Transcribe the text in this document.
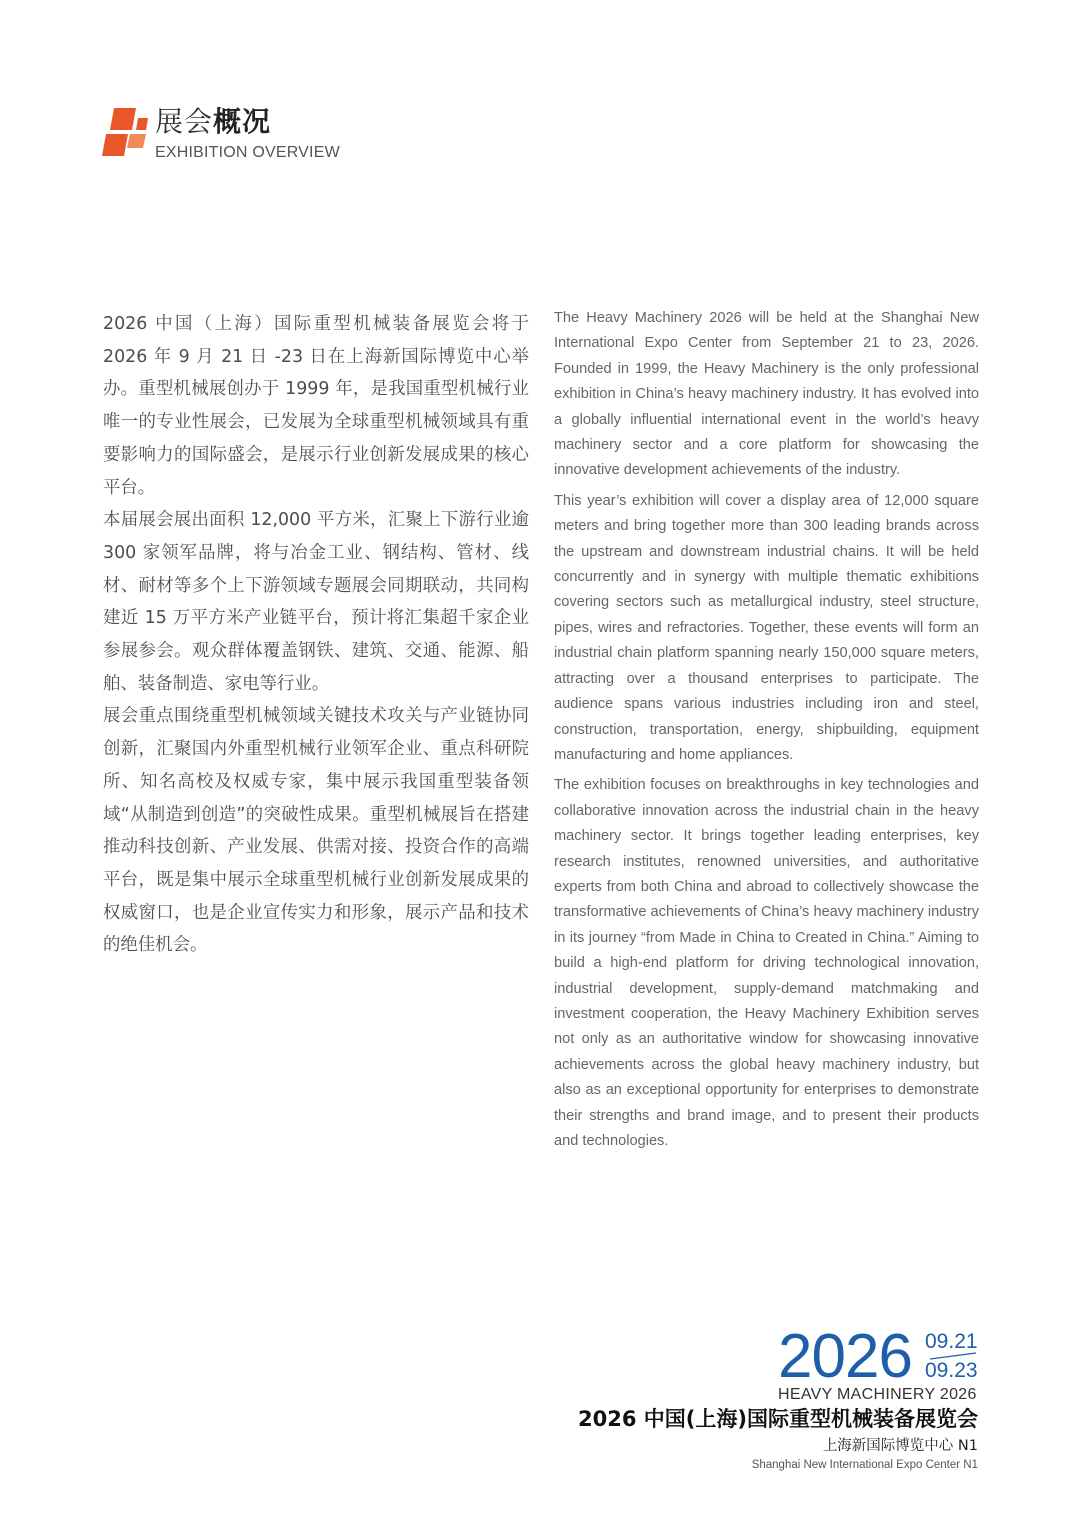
展会概况
EXHIBITION OVERVIEW

2026 中国（上海）国际重型机械装备展览会将于 2026 年 9 月 21 日 -23 日在上海新国际博览中心举办。重型机械展创办于 1999 年，是我国重型机械行业唯一的专业性展会，已发展为全球重型机械领域具有重要影响力的国际盛会，是展示行业创新发展成果的核心平台。

本届展会展出面积 12,000 平方米，汇聚上下游行业逾 300 家领军品牌，将与冶金工业、钢结构、管材、线材、耐材等多个上下游领域专题展会同期联动，共同构建近 15 万平方米产业链平台，预计将汇集超千家企业参展参会。观众群体覆盖钢铁、建筑、交通、能源、船舶、装备制造、家电等行业。

展会重点围绕重型机械领域关键技术攻关与产业链协同创新，汇聚国内外重型机械行业领军企业、重点科研院所、知名高校及权威专家，集中展示我国重型装备领域“从制造到创造”的突破性成果。重型机械展旨在搭建推动科技创新、产业发展、供需对接、投资合作的高端平台，既是集中展示全球重型机械行业创新发展成果的权威窗口，也是企业宣传实力和形象，展示产品和技术的绝佳机会。

The Heavy Machinery 2026 will be held at the Shanghai New International Expo Center from September 21 to 23, 2026. Founded in 1999, the Heavy Machinery is the only professional exhibition in China’s heavy machinery industry. It has evolved into a globally influential international event in the world’s heavy machinery sector and a core platform for showcasing the innovative development achievements of the industry.

This year’s exhibition will cover a display area of 12,000 square meters and bring together more than 300 leading brands across the upstream and downstream industrial chains. It will be held concurrently and in synergy with multiple thematic exhibitions covering sectors such as metallurgical industry, steel structure, pipes, wires and refractories. Together, these events will form an industrial chain platform spanning nearly 150,000 square meters, attracting over a thousand enterprises to participate. The audience spans various industries including iron and steel, construction, transportation, energy, shipbuilding, equipment manufacturing and home appliances.

The exhibition focuses on breakthroughs in key technologies and collaborative innovation across the industrial chain in the heavy machinery sector. It brings together leading enterprises, key research institutes, renowned universities, and authoritative experts from both China and abroad to collectively showcase the transformative achievements of China’s heavy machinery industry in its journey “from Made in China to Created in China.” Aiming to build a high-end platform for driving technological innovation, industrial development, supply-demand matchmaking and investment cooperation, the Heavy Machinery Exhibition serves not only as an authoritative window for showcasing innovative achievements across the global heavy machinery industry, but also as an exceptional opportunity for enterprises to demonstrate their strengths and brand image, and to present their products and technologies.

2026 09.21
09.23
HEAVY MACHINERY 2026
2026 中国(上海)国际重型机械装备展览会
上海新国际博览中心 N1
Shanghai New International Expo Center N1
